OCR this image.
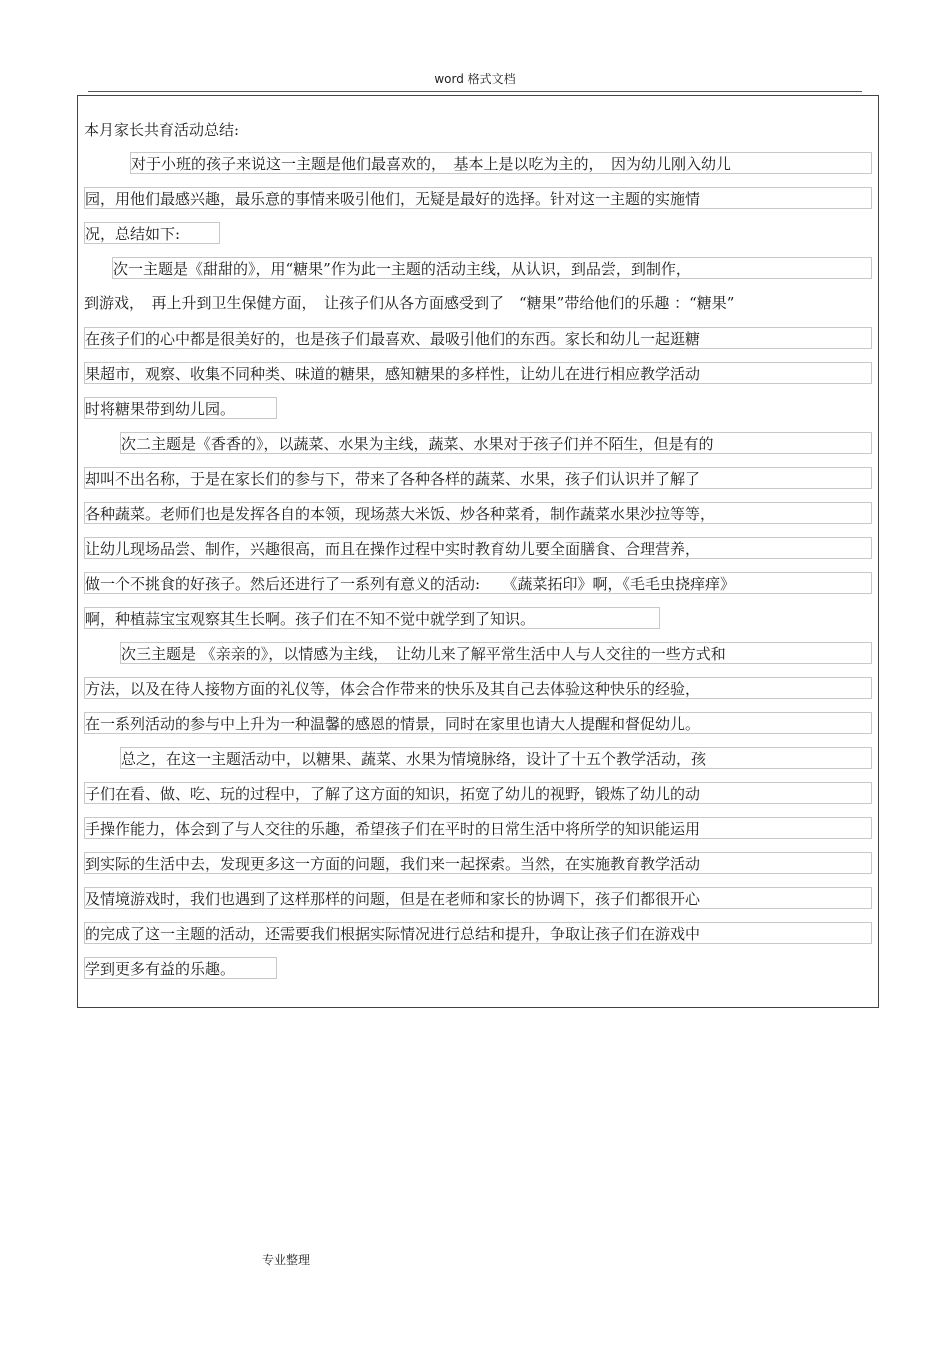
word 格式文档
本月家长共育活动总结:
对于小班的孩子来说这一主题是他们最喜欢的，　基本上是以吃为主的，　因为幼儿刚入幼儿
园，用他们最感兴趣，最乐意的事情来吸引他们，无疑是最好的选择。针对这一主题的实施情
况，总结如下:
次一主题是《甜甜的》，用“糖果”作为此一主题的活动主线，从认识，到品尝，到制作，
到游戏，　再上升到卫生保健方面，　让孩子们从各方面感受到了　“糖果”带给他们的乐趣 ：“糖果”
在孩子们的心中都是很美好的，也是孩子们最喜欢、最吸引他们的东西。家长和幼儿一起逛糖
果超市，观察、收集不同种类、味道的糖果，感知糖果的多样性，让幼儿在进行相应教学活动
时将糖果带到幼儿园。
次二主题是《香香的》，以蔬菜、水果为主线，蔬菜、水果对于孩子们并不陌生，但是有的
却叫不出名称，于是在家长们的参与下，带来了各种各样的蔬菜、水果，孩子们认识并了解了
各种蔬菜。老师们也是发挥各自的本领，现场蒸大米饭、炒各种菜肴，制作蔬菜水果沙拉等等，
让幼儿现场品尝、制作，兴趣很高，而且在操作过程中实时教育幼儿要全面膳食、合理营养，
做一个不挑食的好孩子。然后还进行了一系列有意义的活动:　　《蔬菜拓印》啊，《毛毛虫挠痒痒》
啊，种植蒜宝宝观察其生长啊。孩子们在不知不觉中就学到了知识。
次三主题是 《亲亲的》，以情感为主线，　让幼儿来了解平常生活中人与人交往的一些方式和
方法，以及在待人接物方面的礼仪等，体会合作带来的快乐及其自己去体验这种快乐的经验，
在一系列活动的参与中上升为一种温馨的感恩的情景，同时在家里也请大人提醒和督促幼儿。
总之，在这一主题活动中，以糖果、蔬菜、水果为情境脉络，设计了十五个教学活动，孩
子们在看、做、吃、玩的过程中，了解了这方面的知识，拓宽了幼儿的视野，锻炼了幼儿的动
手操作能力，体会到了与人交往的乐趣，希望孩子们在平时的日常生活中将所学的知识能运用
到实际的生活中去，发现更多这一方面的问题，我们来一起探索。当然，在实施教育教学活动
及情境游戏时，我们也遇到了这样那样的问题，但是在老师和家长的协调下，孩子们都很开心
的完成了这一主题的活动，还需要我们根据实际情况进行总结和提升，争取让孩子们在游戏中
学到更多有益的乐趣。
专业整理
